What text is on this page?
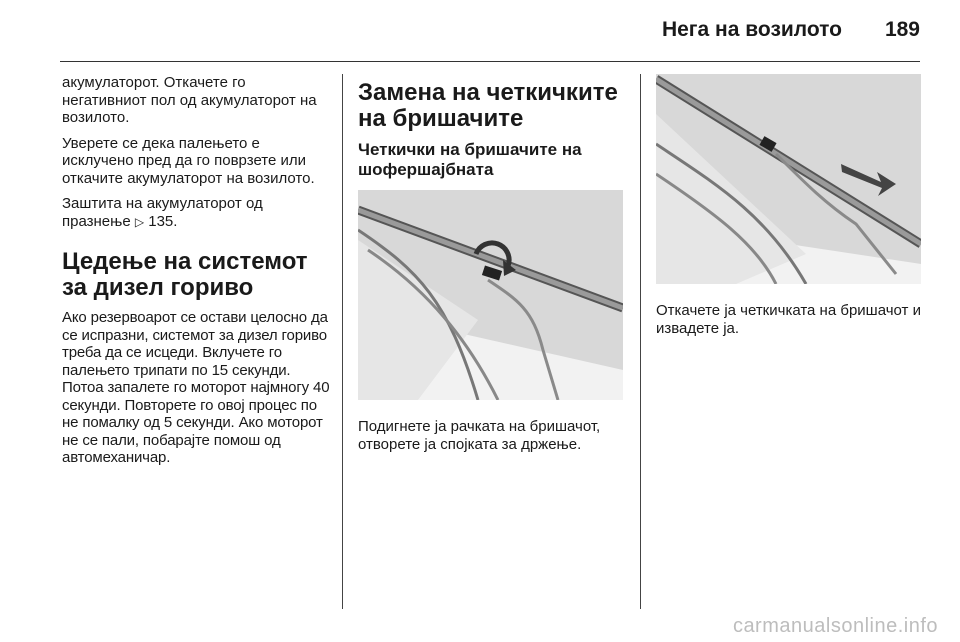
Нега на возилото 189

акумулаторот. Откачете го негативниот пол од акумулаторот на возилото.

Уверете се дека палењето е исклучено пред да го поврзете или откачите акумулаторот на возилото.

Заштита на акумулаторот од празнење ▷ 135.

Цедење на системот за дизел гориво

Ако резервоарот се остави целосно да се испразни, системот за дизел гориво треба да се исцеди. Вклучете го палењето трипати по 15 секунди. Потоа запалете го моторот најмногу 40 секунди. Повторете го овој процес по не помалку од 5 секунди. Ако моторот не се пали, побарајте помош од автомеханичар.

Замена на четкичките на бришачите
Четкички на бришачите на шофершајбната

Подигнете ја рачката на бришачот, отворете ја спојката за држење.

Откачете ја четкичката на бришачот и извадете ја.

carmanualsonline.info
